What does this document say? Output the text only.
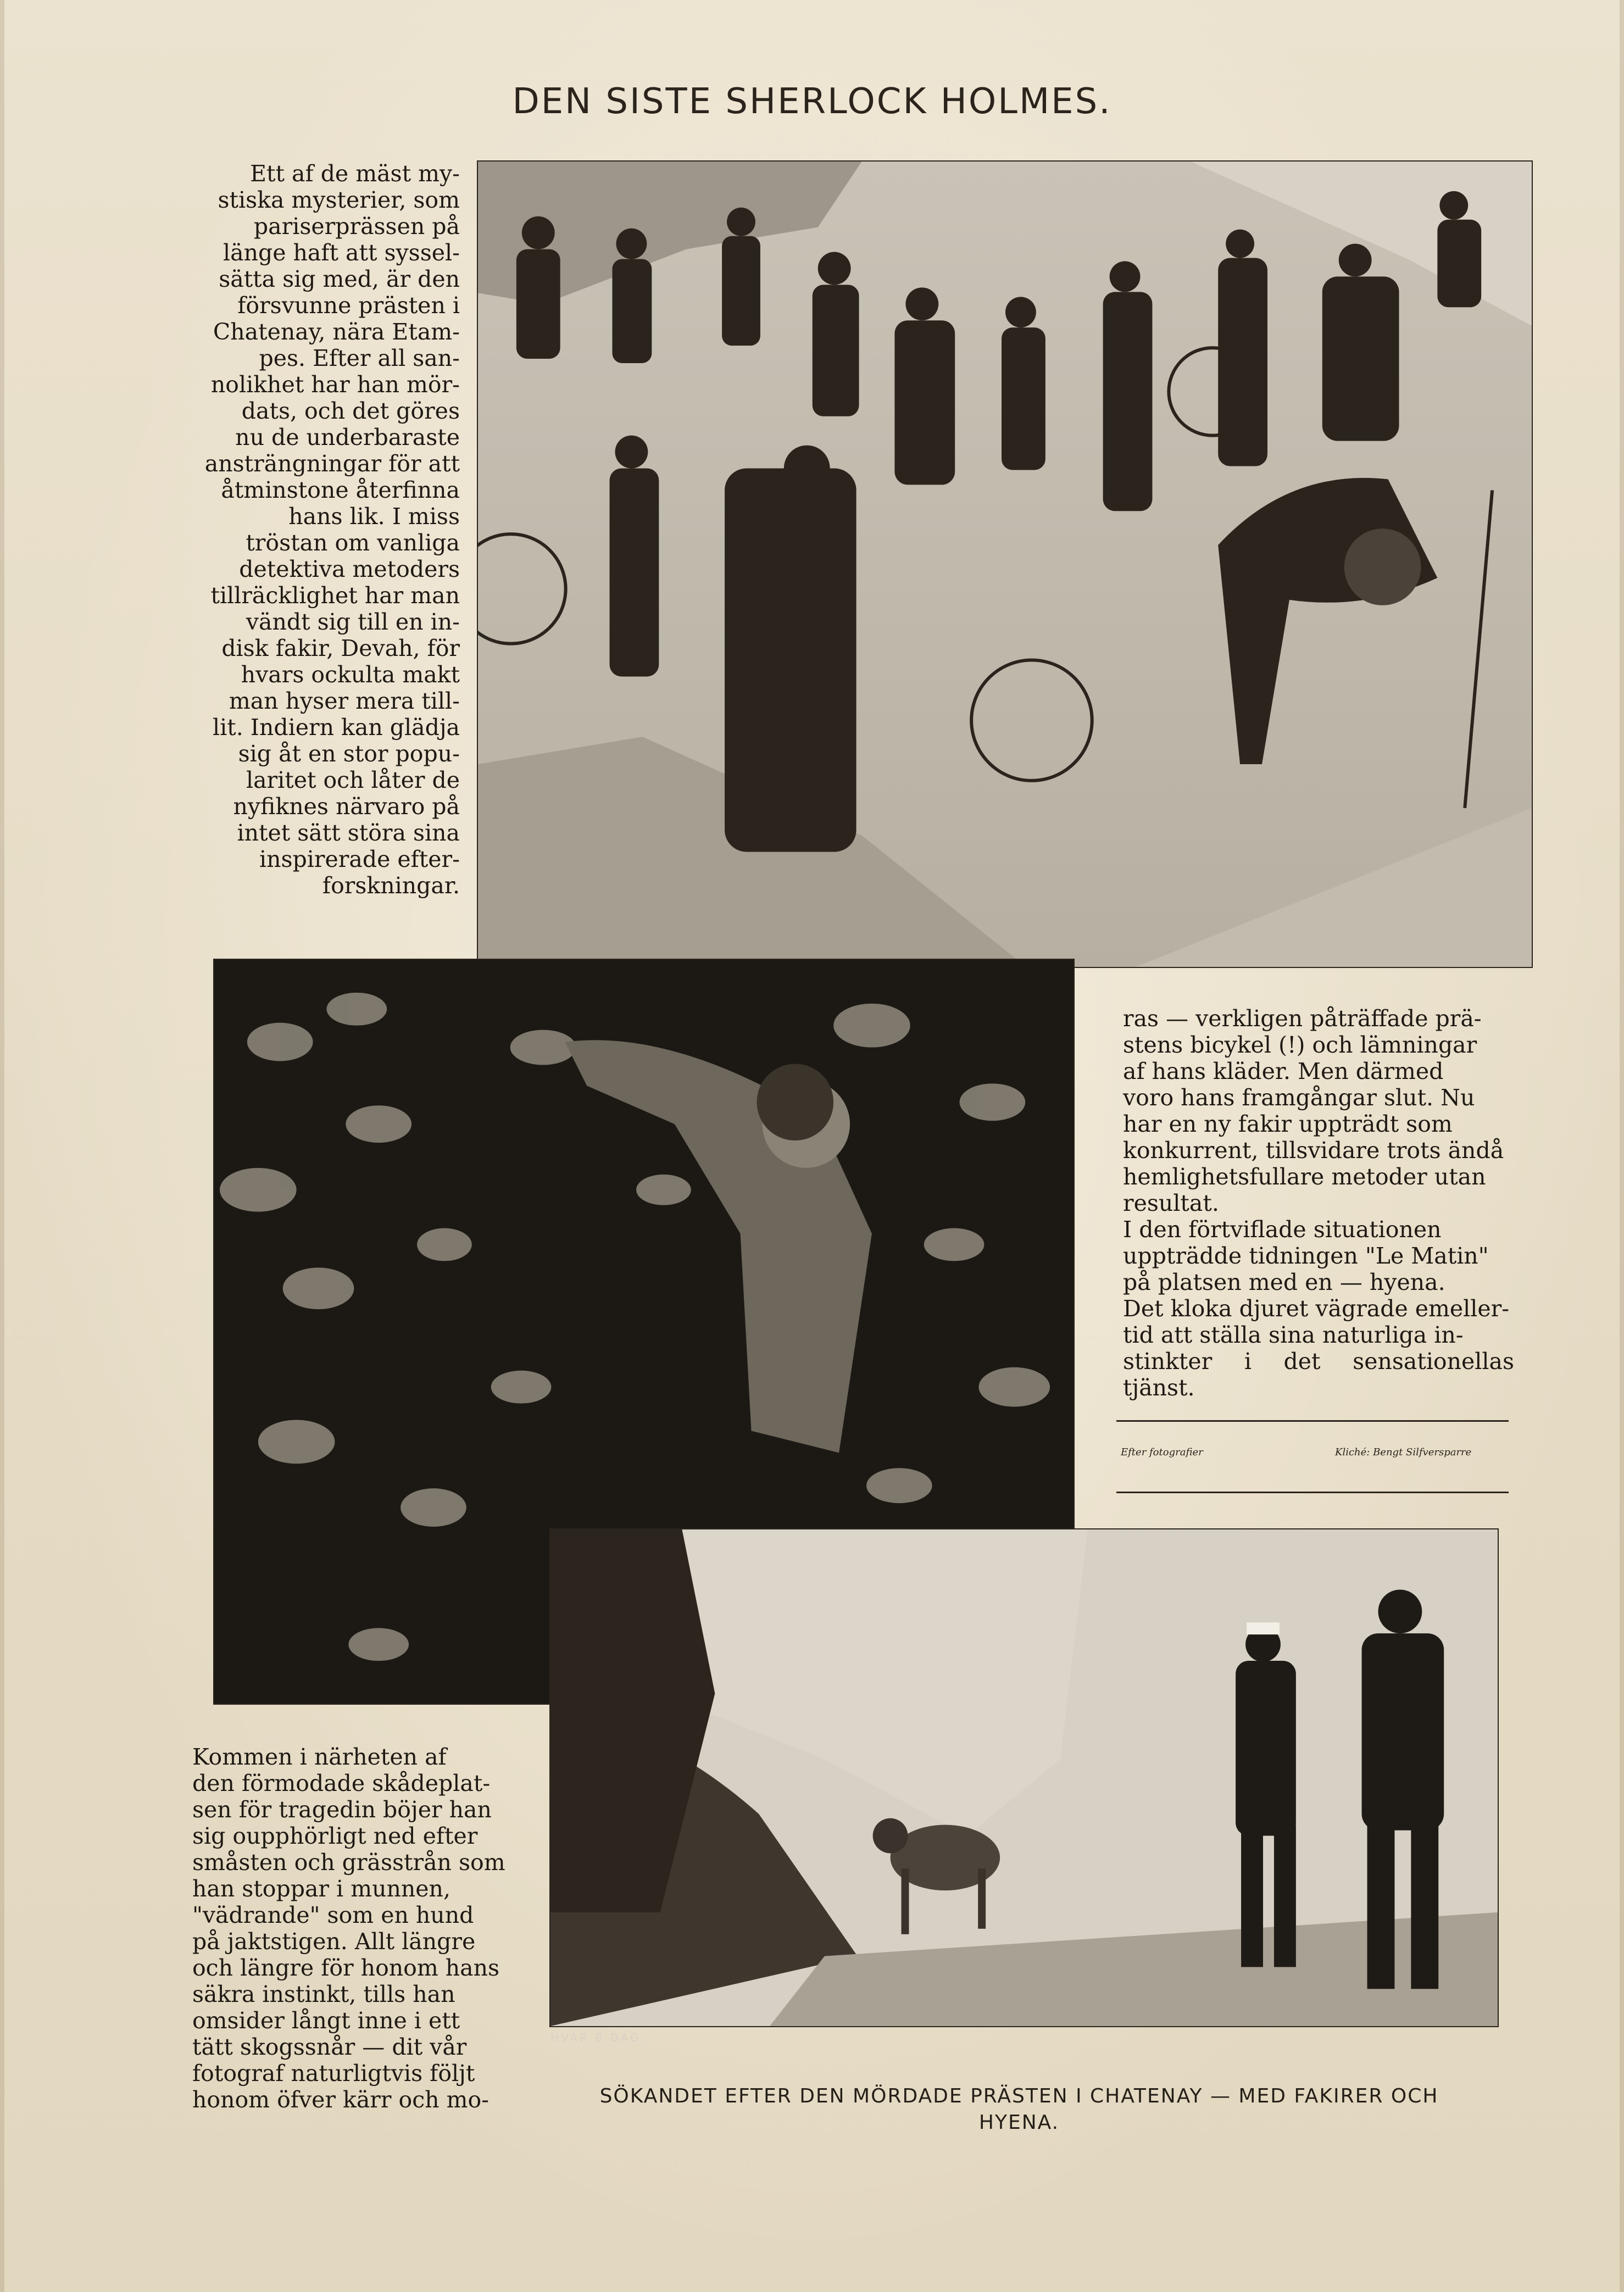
DEN SISTE SHERLOCK HOLMES.
Ett af de mäst my-
stiska mysterier, som
pariserprässen på
länge haft att syssel-
sätta sig med, är den
försvunne prästen i
Chatenay, nära Etam-
pes. Efter all san-
nolikhet har han mör-
dats, och det göres
nu de underbaraste
ansträngningar för att
åtminstone återfinna
hans lik. I miss
tröstan om vanliga
detektiva metoders
tillräcklighet har man
vändt sig till en in-
disk fakir, Devah, för
hvars ockulta makt
man hyser mera till-
lit. Indiern kan glädja
sig åt en stor popu-
laritet och låter de
nyfiknes närvaro på
intet sätt störa sina
inspirerade efter-
forskningar.
ras — verkligen påträffade prä-
stens bicykel (!) och lämningar
af hans kläder. Men därmed
voro hans framgångar slut. Nu
har en ny fakir uppträdt som
konkurrent, tillsvidare trots ändå
hemlighetsfullare metoder utan
resultat.
I den förtviflade situationen
uppträdde tidningen "Le Matin"
på platsen med en — hyena.
Det kloka djuret vägrade emeller-
tid att ställa sina naturliga in-
stinkter i det sensationellas tjänst.
Efter fotografier	Kliché: Bengt Silfversparre
HVAR 8 DAG.
Kommen i närheten af
den förmodade skådeplat-
sen för tragedin böjer han
sig oupphörligt ned efter
småsten och grässtrån som
han stoppar i munnen,
"vädrande" som en hund
på jaktstigen. Allt längre
och längre för honom hans
säkra instinkt, tills han
omsider långt inne i ett
tätt skogssnår — dit vår
fotograf naturligtvis följt
honom öfver kärr och mo-	SÖKANDET EFTER DEN MÖRDADE PRÄSTEN I CHATENAY — MED FAKIRER OCH
HYENA.
